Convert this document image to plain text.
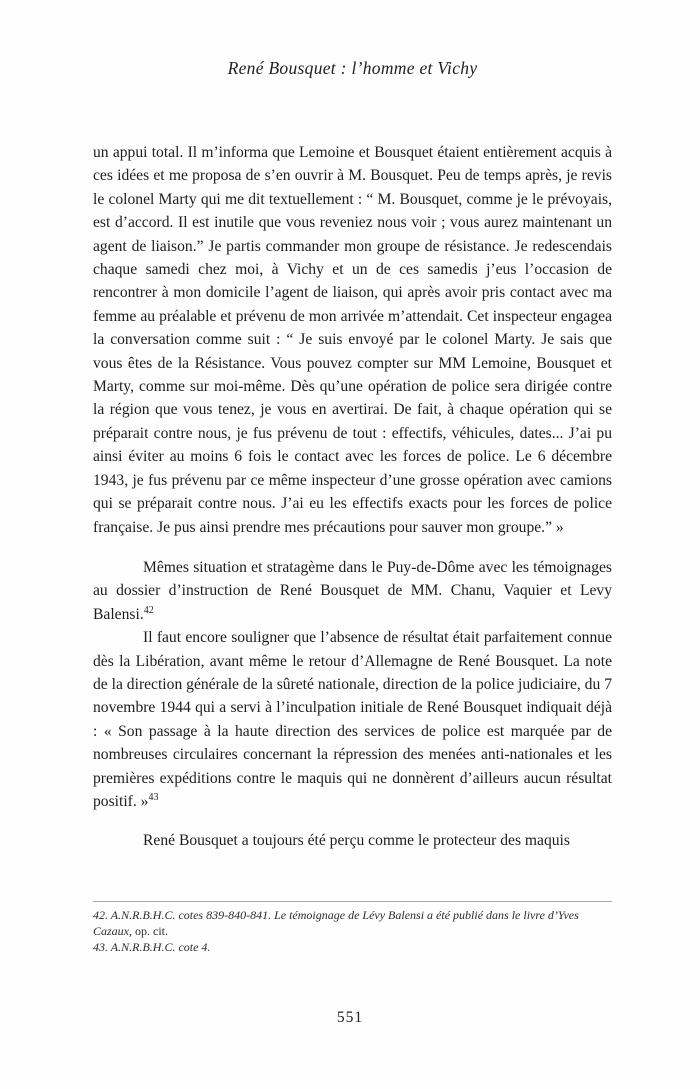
René Bousquet : l’homme et Vichy

un appui total. Il m’informa que Lemoine et Bousquet étaient entièrement acquis à ces idées et me proposa de s’en ouvrir à M. Bousquet. Peu de temps après, je revis le colonel Marty qui me dit textuellement : “ M. Bousquet, comme je le prévoyais, est d’accord. Il est inutile que vous reveniez nous voir ; vous aurez maintenant un agent de liaison.” Je partis commander mon groupe de résistance. Je redescendais chaque samedi chez moi, à Vichy et un de ces samedis j’eus l’occasion de rencontrer à mon domicile l’agent de liaison, qui après avoir pris contact avec ma femme au préalable et prévenu de mon arrivée m’attendait. Cet inspecteur engagea la conversation comme suit : “ Je suis envoyé par le colonel Marty. Je sais que vous êtes de la Résistance. Vous pouvez compter sur MM Lemoine, Bousquet et Marty, comme sur moi-même. Dès qu’une opération de police sera dirigée contre la région que vous tenez, je vous en avertirai. De fait, à chaque opération qui se préparait contre nous, je fus prévenu de tout : effectifs, véhicules, dates... J’ai pu ainsi éviter au moins 6 fois le contact avec les forces de police. Le 6 décembre 1943, je fus prévenu par ce même inspecteur d’une grosse opération avec camions qui se préparait contre nous. J’ai eu les effectifs exacts pour les forces de police française. Je pus ainsi prendre mes précautions pour sauver mon groupe.” »

Mêmes situation et stratagème dans le Puy-de-Dôme avec les témoignages au dossier d’instruction de René Bousquet de MM. Chanu, Vaquier et Levy Balensi.$^{42}$

Il faut encore souligner que l’absence de résultat était parfaitement connue dès la Libération, avant même le retour d’Allemagne de René Bousquet. La note de la direction générale de la sûreté nationale, direction de la police judiciaire, du 7 novembre 1944 qui a servi à l’inculpation initiale de René Bousquet indiquait déjà : « Son passage à la haute direction des services de police est marquée par de nombreuses circulaires concernant la répression des menées anti-nationales et les premières expéditions contre le maquis qui ne donnèrent d’ailleurs aucun résultat positif. »$^{43}$

René Bousquet a toujours été perçu comme le protecteur des maquis

42. A.N.R.B.H.C. cotes 839-840-841. Le témoignage de Lévy Balensi a été publié dans le livre d’Yves Cazaux, op. cit.

43. A.N.R.B.H.C. cote 4.

551
